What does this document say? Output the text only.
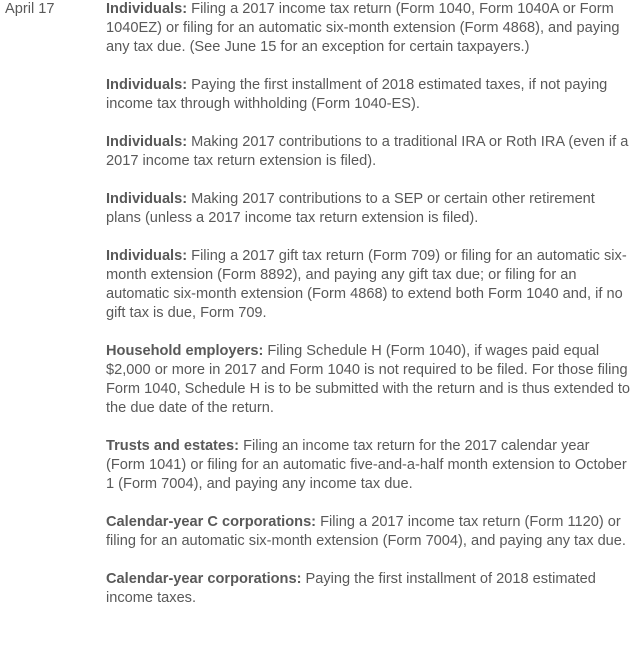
April 17	Individuals: Filing a 2017 income tax return (Form 1040, Form 1040A or Form 1040EZ) or filing for an automatic six-month extension (Form 4868), and paying any tax due. (See June 15 for an exception for certain taxpayers.)

Individuals: Paying the first installment of 2018 estimated taxes, if not paying income tax through withholding (Form 1040-ES).

Individuals: Making 2017 contributions to a traditional IRA or Roth IRA (even if a 2017 income tax return extension is filed).

Individuals: Making 2017 contributions to a SEP or certain other retirement plans (unless a 2017 income tax return extension is filed).

Individuals: Filing a 2017 gift tax return (Form 709) or filing for an automatic six-month extension (Form 8892), and paying any gift tax due; or filing for an automatic six-month extension (Form 4868) to extend both Form 1040 and, if no gift tax is due, Form 709.

Household employers: Filing Schedule H (Form 1040), if wages paid equal $2,000 or more in 2017 and Form 1040 is not required to be filed. For those filing Form 1040, Schedule H is to be submitted with the return and is thus extended to the due date of the return.

Trusts and estates: Filing an income tax return for the 2017 calendar year (Form 1041) or filing for an automatic five-and-a-half month extension to October 1 (Form 7004), and paying any income tax due.

Calendar-year C corporations: Filing a 2017 income tax return (Form 1120) or filing for an automatic six-month extension (Form 7004), and paying any tax due.

Calendar-year corporations: Paying the first installment of 2018 estimated income taxes.
